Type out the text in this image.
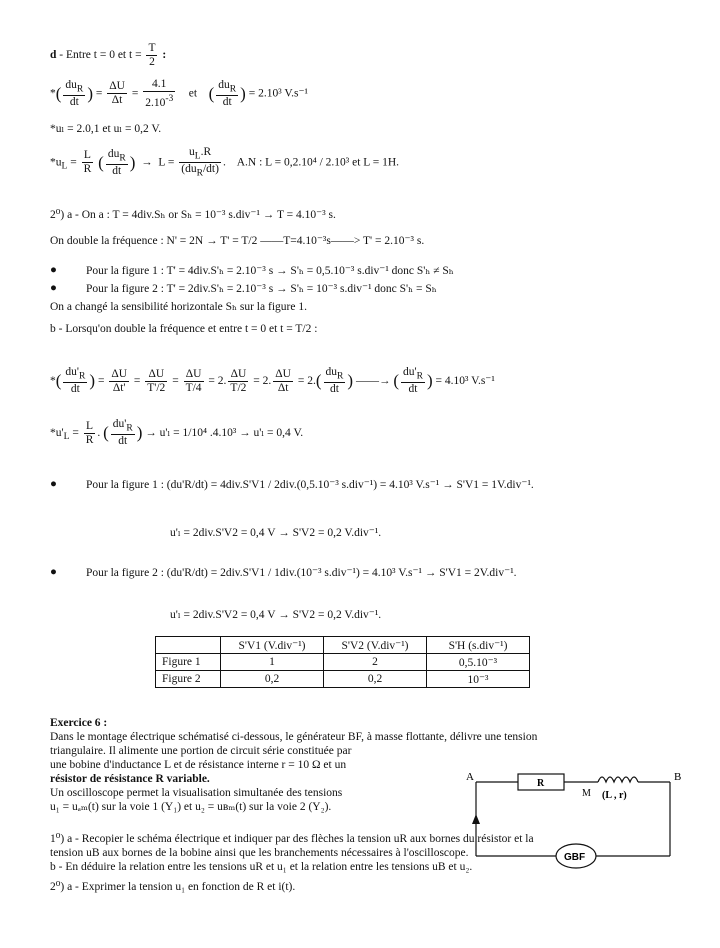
d - Entre t = 0 et $t = \frac{T}{2}$ :
*( $\frac{du_R}{dt}$ ) = $\frac{\Delta U}{\Delta t} = \frac{4.1}{2.10^{-3}}$ et    ( $\frac{du_R}{dt}$ ) = 2.10³ V.s⁻¹
*uₗ = 2.0,1 et uₗ = 0,2 V.
$*u_L = \frac{L}{R}$ ( $\frac{du_R}{dt}$ )  →  $L = \frac{u_L.R}{(du_R/dt)}$ .    A.N : L = 0,2.10⁴ / 2.10³ et L = 1H.
2⁰) a - On a : T = 4div.Sₕ or Sₕ = 10⁻³ s.div⁻¹ → T = 4.10⁻³ s.
On double la fréquence : N' = 2N → T' = T/2 ——T=4.10⁻³s——> T' = 2.10⁻³ s.
●	Pour la figure 1 : T' = 4div.S'ₕ = 2.10⁻³ s → S'ₕ = 0,5.10⁻³ s.div⁻¹ donc S'ₕ ≠ Sₕ
●	Pour la figure 2 : T' = 2div.S'ₕ = 2.10⁻³ s → S'ₕ = 10⁻³ s.div⁻¹ donc S'ₕ = Sₕ
On a changé la sensibilité horizontale Sₕ sur la figure 1.
b - Lorsqu'on double la fréquence et entre t = 0 et t = T/2 :
*( $\frac{du'_R}{dt}$ ) = $\frac{\Delta U}{\Delta t'} = \frac{\Delta U}{T'/2} = \frac{\Delta U}{T/4} = 2$. $\frac{\Delta U}{T/2} = 2$. $\frac{\Delta U}{\Delta t} = 2.( \frac{du_R}{dt}$ ) ——→ ( $\frac{du'_R}{dt}$ ) = 4.10³ V.s⁻¹
$*u'_L = \frac{L}{R}$ . ( $\frac{du'_R}{dt}$ ) → u'ₗ = 1/10⁴ .4.10³ → u'ₗ = 0,4 V.
●	Pour la figure 1 : (du'R/dt) = 4div.S'V1 / 2div.(0,5.10⁻³ s.div⁻¹) = 4.10³ V.s⁻¹ → S'V1 = 1V.div⁻¹.
u'ₗ = 2div.S'V2 = 0,4 V → S'V2 = 0,2 V.div⁻¹.
●	Pour la figure 2 : (du'R/dt) = 2div.S'V1 / 1div.(10⁻³ s.div⁻¹) = 4.10³ V.s⁻¹ → S'V1 = 2V.div⁻¹.
u'ₗ = 2div.S'V2 = 0,4 V → S'V2 = 0,2 V.div⁻¹.
	S'V1 (V.div⁻¹)	S'V2 (V.div⁻¹)	S'H (s.div⁻¹)
Figure 1	1	2	0,5.10⁻³
Figure 2	0,2	0,2	10⁻³
Exercice 6 :
Dans le montage électrique schématisé ci-dessous, le générateur BF, à masse flottante, délivre une tension
triangulaire. Il alimente une portion de circuit série constituée par
une bobine d'inductance L et de résistance interne r = 10 Ω et un
résistor de résistance R variable.
Un oscilloscope permet la visualisation simultanée des tensions
u₁ = uₐₘ(t) sur la voie 1 (Y₁) et u₂ = uʙₘ(t) sur la voie 2 (Y₂).
A	B
R
M (L , r)
GBF
1⁰) a - Recopier le schéma électrique et indiquer par des flèches la tension uR aux bornes du résistor et la
tension uB aux bornes de la bobine ainsi que les branchements nécessaires à l'oscilloscope.
b - En déduire la relation entre les tensions uR et u₁ et la relation entre les tensions uB et u₂.
2⁰) a - Exprimer la tension u₁ en fonction de R et i(t).
